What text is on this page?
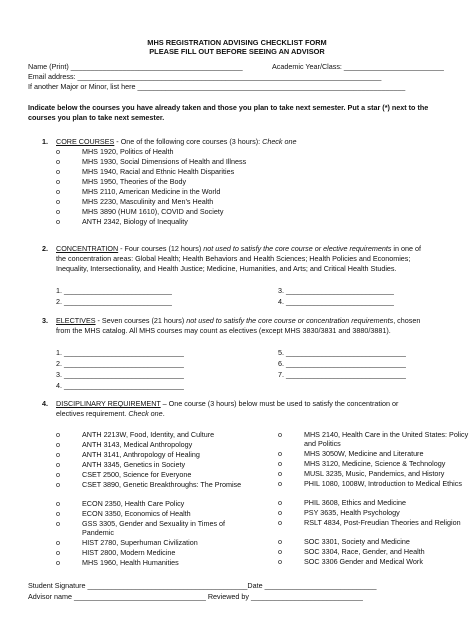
MHS REGISTRATION ADVISING CHECKLIST FORM
PLEASE FILL OUT BEFORE SEEING AN ADVISOR
Name (Print) ___________________________________________	Academic Year/Class: _________________________
Email address: ____________________________________________________________________________
If another Major or Minor, list here ___________________________________________________________________
Indicate below the courses you have already taken and those you plan to take next semester. Put a star (*) next to the
courses you plan to take next semester.
1. CORE COURSES - One of the following core courses (3 hours): Check one
2. CONCENTRATION - Four courses (12 hours) not used to satisfy the core course or elective requirements in one of
the concentration areas: Global Health; Health Behaviors and Health Sciences; Health Policies and Economies;
Inequality, Intersectionality, and Health Justice; Medicine, Humanities, and Arts; and Critical Health Studies.
1. ___________________________
2. ___________________________
3. ___________________________
4. ___________________________
3. ELECTIVES - Seven courses (21 hours) not used to satisfy the core course or concentration requirements, chosen
from the MHS catalog. All MHS courses may count as electives (except MHS 3830/3831 and 3880/3881).
1. ______________________________
2. ______________________________
3. ______________________________
4. ______________________________
5. ______________________________
6. ______________________________
7. ______________________________
4. DISCIPLINARY REQUIREMENT – One course (3 hours) below must be used to satisfy the concentration or
electives requirement. Check one.
Student Signature ________________________________________Date ____________________________
Advisor name _________________________________ Reviewed by ____________________________
o	MHS 1920, Politics of Health
o	MHS 1930, Social Dimensions of Health and Illness
o	MHS 1940, Racial and Ethnic Health Disparities
o	MHS 1950, Theories of the Body
o	MHS 2110, American Medicine in the World
o	MHS 2230, Masculinity and Men’s Health
o	MHS 3890 (HUM 1610), COVID and Society
o	ANTH 2342, Biology of Inequality
o	ANTH 2213W, Food, Identity, and Culture
o	ANTH 3143, Medical Anthropology
o	ANTH 3141, Anthropology of Healing
o	ANTH 3345, Genetics in Society
o	CSET 2500, Science for Everyone
o	CSET 3890, Genetic Breakthroughs: The Promise
o	ECON 2350, Health Care Policy
o	ECON 3350, Economics of Health
o	GSS 3305, Gender and Sexuality in Times of Pandemic
o	HIST 2780, Superhuman Civilization
o	HIST 2800, Modern Medicine
o	MHS 1960, Health Humanities
o	MHS 2140, Health Care in the United States: Policy and Politics
o	MHS 3050W, Medicine and Literature
o	MHS 3120, Medicine, Science & Technology
o	MUSL 3235, Music, Pandemics, and History
o	PHIL 1080, 1008W, Introduction to Medical Ethics
o	PHIL 3608, Ethics and Medicine
o	PSY 3635, Health Psychology
o	RSLT 4834, Post-Freudian Theories and Religion
o	SOC 3301, Society and Medicine
o	SOC 3304, Race, Gender, and Health
o	SOC 3306 Gender and Medical Work
